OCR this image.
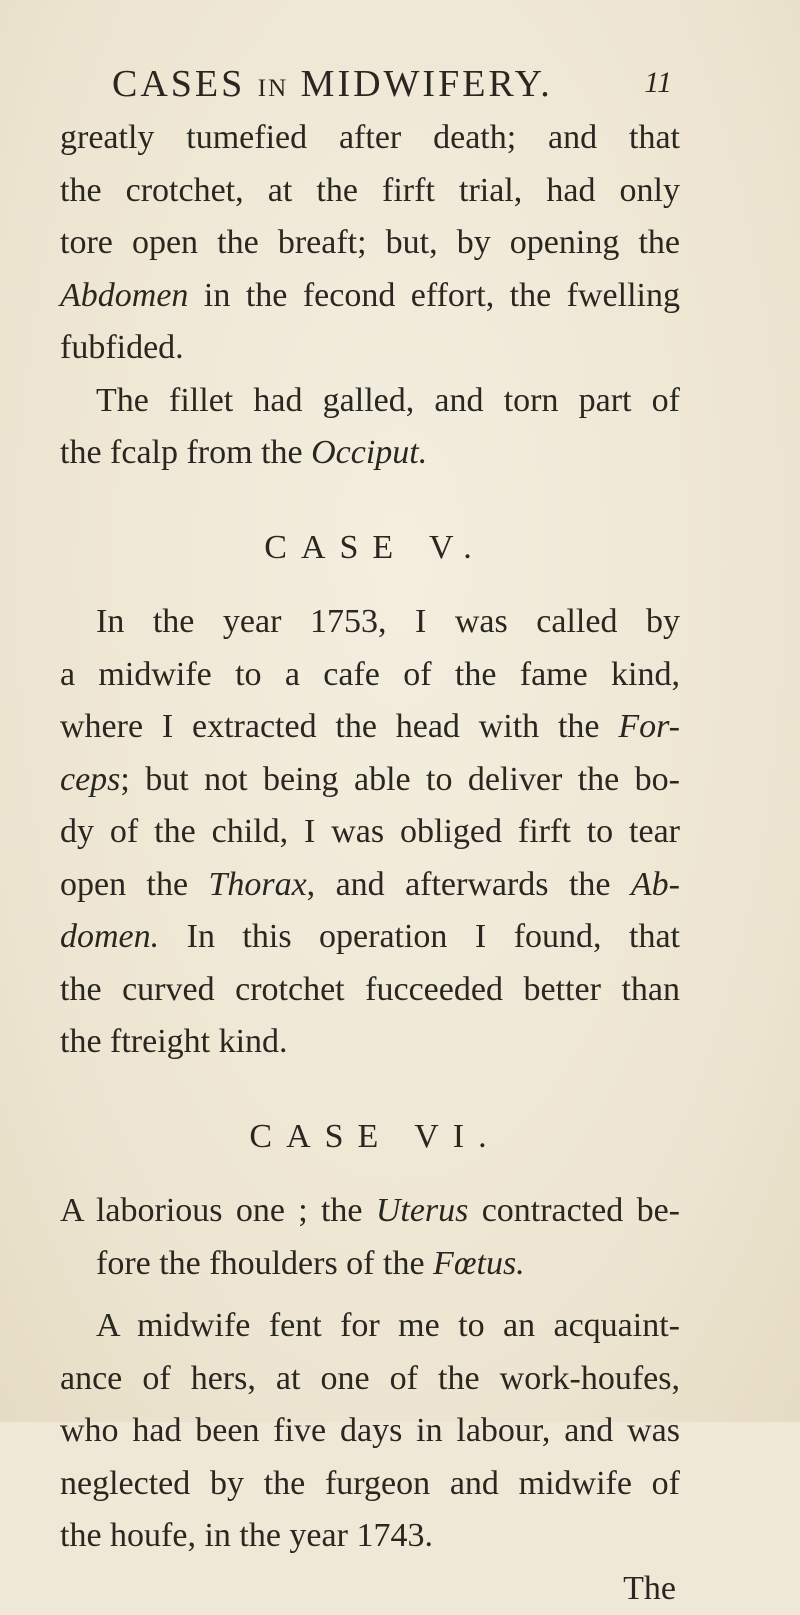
CASES IN MIDWIFERY.	11
greatly tumefied after death; and that
the crotchet, at the firft trial, had only
tore open the breaft; but, by opening the
Abdomen in the fecond effort, the fwelling
fubfided.
The fillet had galled, and torn part of
the fcalp from the Occiput.
CASE V.
In the year 1753, I was called by
a midwife to a cafe of the fame kind,
where I extracted the head with the For-
ceps; but not being able to deliver the bo-
dy of the child, I was obliged firft to tear
open the Thorax, and afterwards the Ab-
domen. In this operation I found, that
the curved crotchet fucceeded better than
the ftreight kind.
CASE VI.
A laborious one ; the Uterus contracted be-
fore the fhoulders of the Fœtus.
A midwife fent for me to an acquaint-
ance of hers, at one of the work-houfes,
who had been five days in labour, and was
neglected by the furgeon and midwife of
the houfe, in the year 1743.
The
